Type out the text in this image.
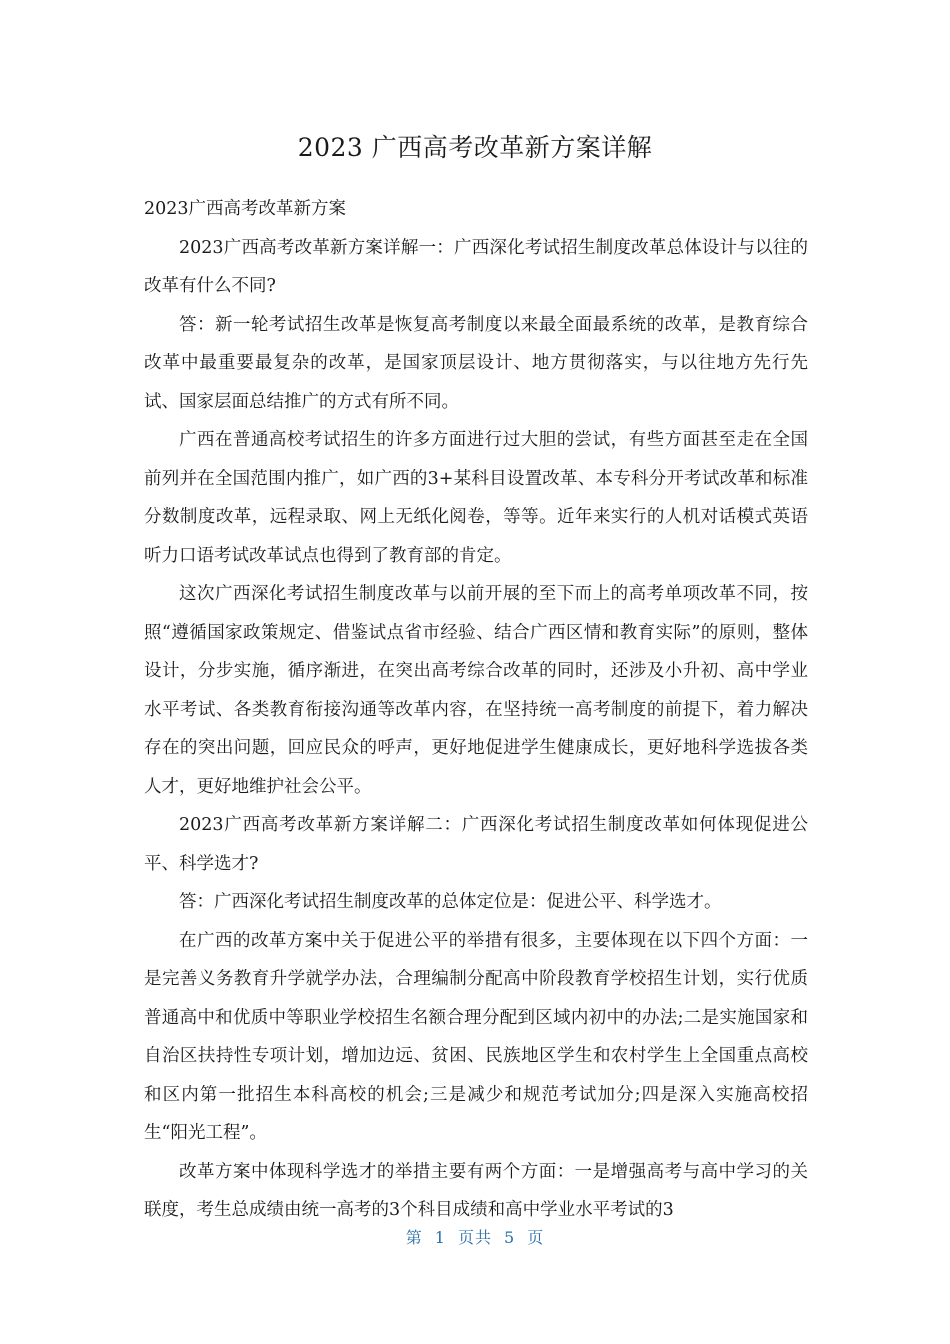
2023 广西高考改革新方案详解

2023广西高考改革新方案

2023广西高考改革新方案详解一：广西深化考试招生制度改革总体设计与以往的改革有什么不同?

答：新一轮考试招生改革是恢复高考制度以来最全面最系统的改革，是教育综合改革中最重要最复杂的改革，是国家顶层设计、地方贯彻落实，与以往地方先行先试、国家层面总结推广的方式有所不同。

广西在普通高校考试招生的许多方面进行过大胆的尝试，有些方面甚至走在全国前列并在全国范围内推广，如广西的3+某科目设置改革、本专科分开考试改革和标准分数制度改革，远程录取、网上无纸化阅卷，等等。近年来实行的人机对话模式英语听力口语考试改革试点也得到了教育部的肯定。

这次广西深化考试招生制度改革与以前开展的至下而上的高考单项改革不同，按照“遵循国家政策规定、借鉴试点省市经验、结合广西区情和教育实际”的原则，整体设计，分步实施，循序渐进，在突出高考综合改革的同时，还涉及小升初、高中学业水平考试、各类教育衔接沟通等改革内容，在坚持统一高考制度的前提下，着力解决存在的突出问题，回应民众的呼声，更好地促进学生健康成长，更好地科学选拔各类人才，更好地维护社会公平。

2023广西高考改革新方案详解二：广西深化考试招生制度改革如何体现促进公平、科学选才?

答：广西深化考试招生制度改革的总体定位是：促进公平、科学选才。

在广西的改革方案中关于促进公平的举措有很多，主要体现在以下四个方面：一是完善义务教育升学就学办法，合理编制分配高中阶段教育学校招生计划，实行优质普通高中和优质中等职业学校招生名额合理分配到区域内初中的办法;二是实施国家和自治区扶持性专项计划，增加边远、贫困、民族地区学生和农村学生上全国重点高校和区内第一批招生本科高校的机会;三是减少和规范考试加分;四是深入实施高校招生“阳光工程”。

改革方案中体现科学选才的举措主要有两个方面：一是增强高考与高中学习的关联度，考生总成绩由统一高考的3个科目成绩和高中学业水平考试的3

第 1 页共 5 页
